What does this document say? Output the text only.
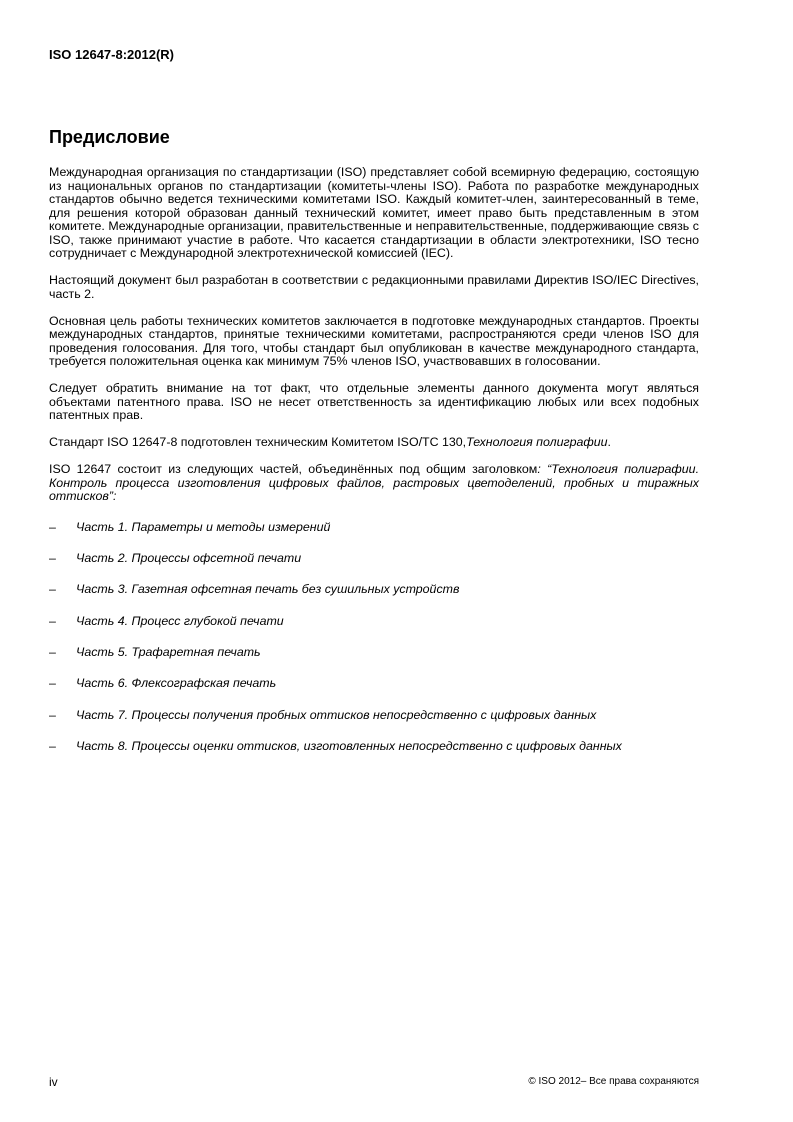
ISO 12647-8:2012(R)
Предисловие

Международная организация по стандартизации (ISO) представляет собой всемирную федерацию, состоящую из национальных органов по стандартизации (комитеты-члены ISO). Работа по разработке международных стандартов обычно ведется техническими комитетами ISO. Каждый комитет-член, заинтересованный в теме, для решения которой образован данный технический комитет, имеет право быть представленным в этом комитете. Международные организации, правительственные и неправительственные, поддерживающие связь с ISO, также принимают участие в работе. Что касается стандартизации в области электротехники, ISO тесно сотрудничает с Международной электротехнической комиссией (IEC).

Настоящий документ был разработан в соответствии с редакционными правилами Директив ISO/IEC Directives, часть 2.

Основная цель работы технических комитетов заключается в подготовке международных стандартов. Проекты международных стандартов, принятые техническими комитетами, распространяются среди членов ISO для проведения голосования. Для того, чтобы стандарт был опубликован в качестве международного стандарта, требуется положительная оценка как минимум 75% членов ISO, участвовавших в голосовании.

Следует обратить внимание на тот факт, что отдельные элементы данного документа могут являться объектами патентного права. ISO не несет ответственность за идентификацию любых или всех подобных патентных прав.

Стандарт ISO 12647-8 подготовлен техническим Комитетом ISO/TC 130,Технология полиграфии.

ISO 12647 состоит из следующих частей, объединённых под общим заголовком: “Технология полиграфии. Контроль процесса изготовления цифровых файлов, растровых цветоделений, пробных и тиражных оттисков”:

– Часть 1. Параметры и методы измерений
– Часть 2. Процессы офсетной печати
– Часть 3. Газетная офсетная печать без сушильных устройств
– Часть 4. Процесс глубокой печати
– Часть 5. Трафаретная печать
– Часть 6. Флексографская печать
– Часть 7. Процессы получения пробных оттисков непосредственно с цифровых данных
– Часть 8. Процессы оценки оттисков, изготовленных непосредственно с цифровых данных
iv	© ISO 2012– Все права сохраняются
